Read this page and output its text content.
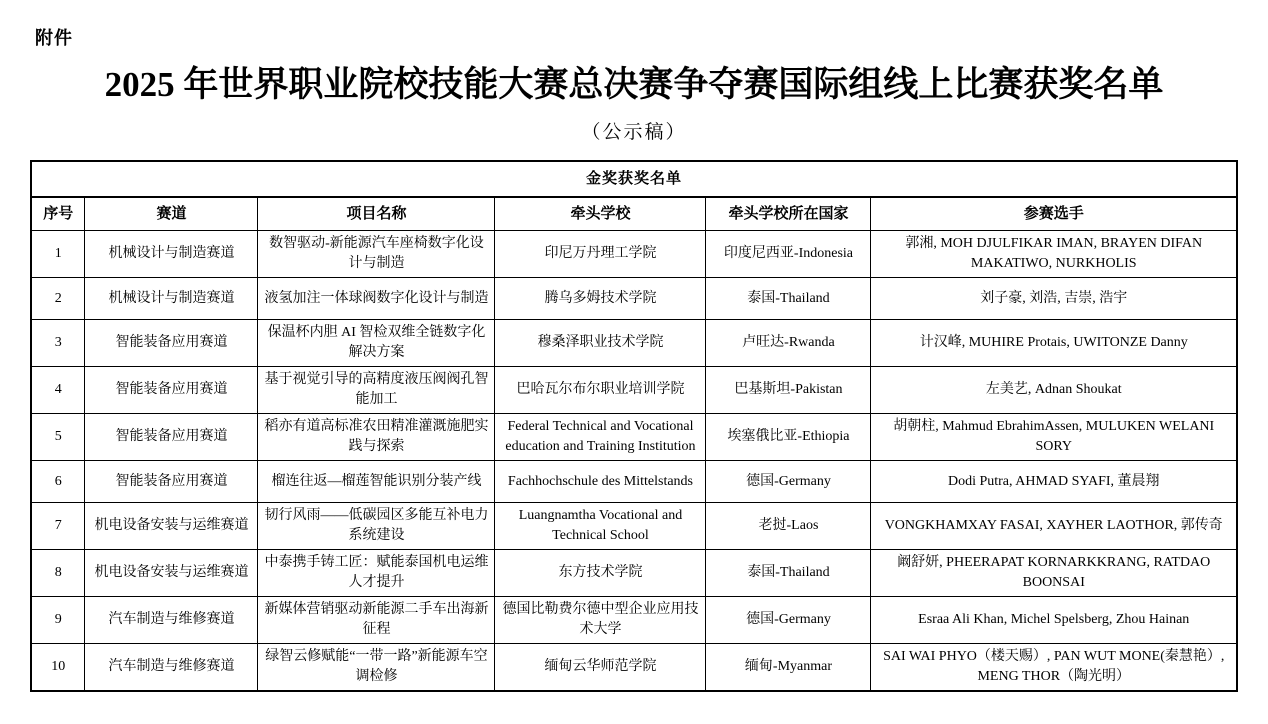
附件
2025 年世界职业院校技能大赛总决赛争夺赛国际组线上比赛获奖名单
（公示稿）
金奖获奖名单					
序号	赛道	项目名称	牵头学校	牵头学校所在国家	参赛选手
1	机械设计与制造赛道	数智驱动-新能源汽车座椅数字化设计与制造	印尼万丹理工学院	印度尼西亚-Indonesia	郭湘, MOH DJULFIKAR IMAN, BRAYEN DIFAN MAKATIWO, NURKHOLIS
2	机械设计与制造赛道	液氢加注一体球阀数字化设计与制造	腾乌多姆技术学院	泰国-Thailand	刘子豪, 刘浩, 吉崇, 浩宇
3	智能装备应用赛道	保温杯内胆 AI 智检双维全链数字化解决方案	穆桑泽职业技术学院	卢旺达-Rwanda	计汉峰, MUHIRE Protais, UWITONZE Danny
4	智能装备应用赛道	基于视觉引导的高精度液压阀阀孔智能加工	巴哈瓦尔布尔职业培训学院	巴基斯坦-Pakistan	左美艺, Adnan Shoukat
5	智能装备应用赛道	稻亦有道高标准农田精准灌溉施肥实践与探索	Federal Technical and Vocational education and Training Institution	埃塞俄比亚-Ethiopia	胡朝柱, Mahmud EbrahimAssen, MULUKEN WELANI SORY
6	智能装备应用赛道	榴连往返—榴莲智能识别分装产线	Fachhochschule des Mittelstands	德国-Germany	Dodi Putra, AHMAD SYAFI, 董晨翔
7	机电设备安装与运维赛道	韧行风雨——低碳园区多能互补电力系统建设	Luangnamtha Vocational and Technical School	老挝-Laos	VONGKHAMXAY FASAI, XAYHER LAOTHOR, 郭传奇
8	机电设备安装与运维赛道	中泰携手铸工匠：赋能泰国机电运维人才提升	东方技术学院	泰国-Thailand	阚舒妍, PHEERAPAT KORNARKKRANG, RATDAO BOONSAI
9	汽车制造与维修赛道	新媒体营销驱动新能源二手车出海新征程	德国比勒费尔德中型企业应用技术大学	德国-Germany	Esraa Ali Khan, Michel Spelsberg, Zhou Hainan
10	汽车制造与维修赛道	绿智云修赋能“一带一路”新能源车空调检修	缅甸云华师范学院	缅甸-Myanmar	SAI WAI PHYO（楼天赐）, PAN WUT MONE(秦慧艳）, MENG THOR（陶光明）
